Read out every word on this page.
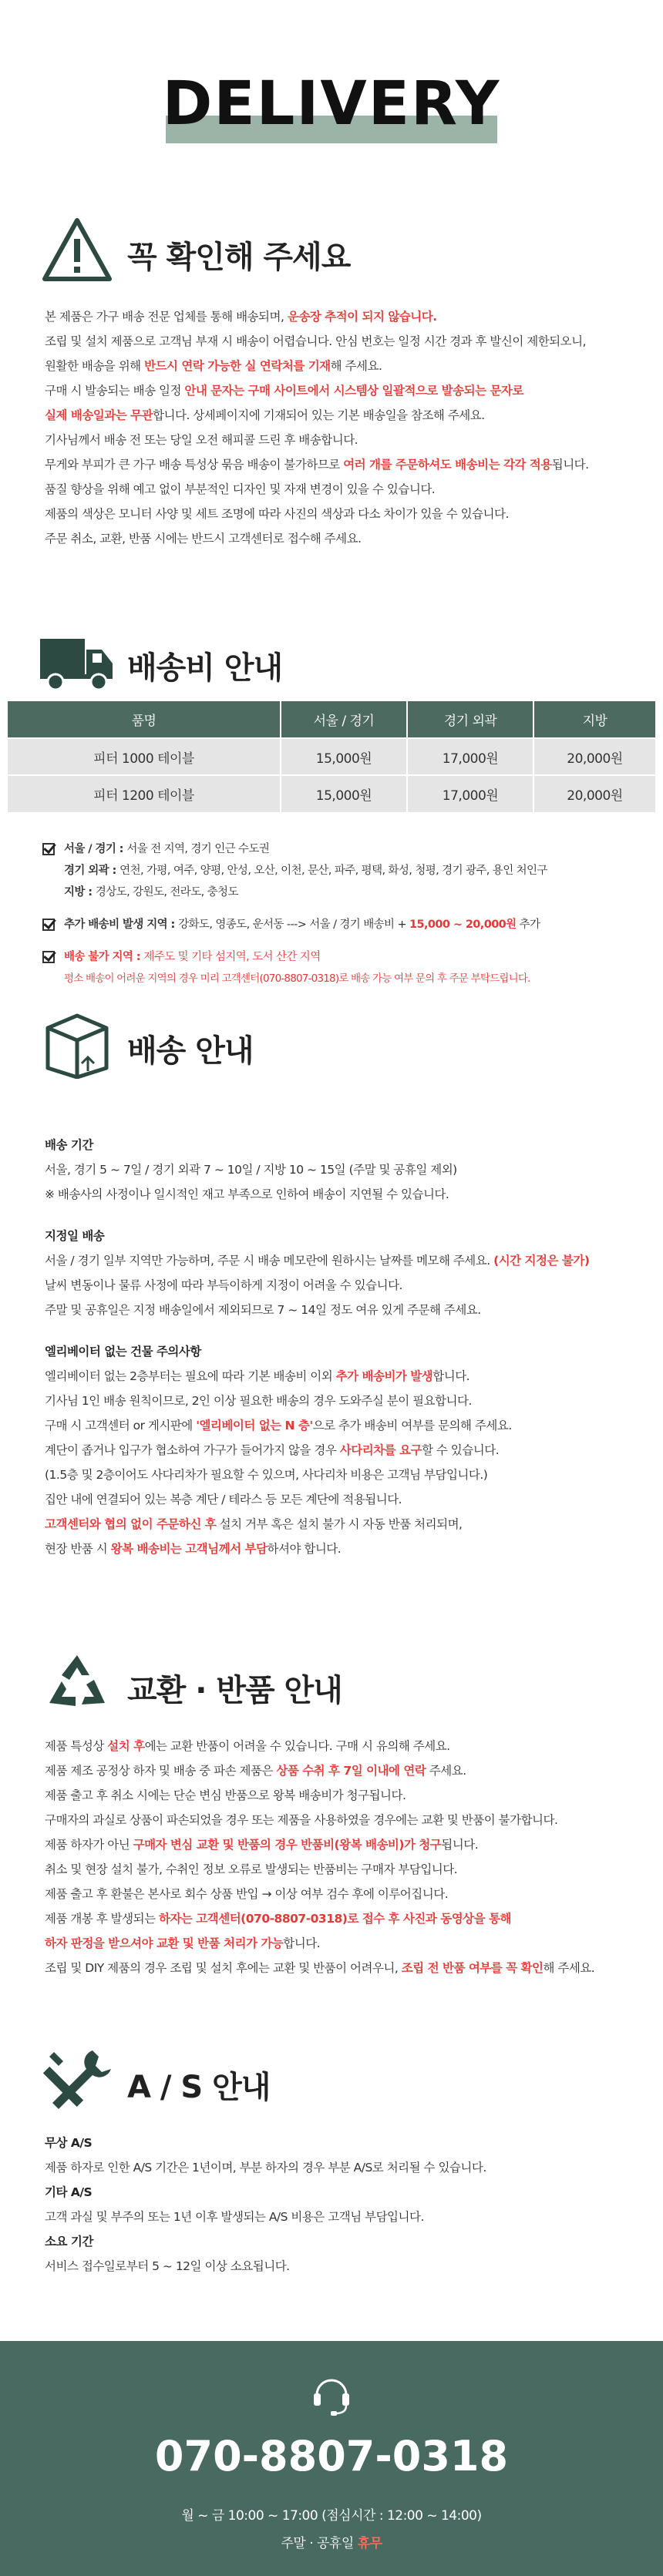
DELIVERY
꼭 확인해 주세요

본 제품은 가구 배송 전문 업체를 통해 배송되며, 운송장 추적이 되지 않습니다.

조립 및 설치 제품으로 고객님 부재 시 배송이 어렵습니다. 안심 번호는 일정 시간 경과 후 발신이 제한되오니,

원활한 배송을 위해 반드시 연락 가능한 실 연락처를 기재해 주세요.

구매 시 발송되는 배송 일정 안내 문자는 구매 사이트에서 시스템상 일괄적으로 발송되는 문자로

실제 배송일과는 무관합니다. 상세페이지에 기재되어 있는 기본 배송일을 참조해 주세요.

기사님께서 배송 전 또는 당일 오전 해피콜 드린 후 배송합니다.

무게와 부피가 큰 가구 배송 특성상 묶음 배송이 불가하므로 여러 개를 주문하셔도 배송비는 각각 적용됩니다.

품질 향상을 위해 예고 없이 부분적인 디자인 및 자재 변경이 있을 수 있습니다.

제품의 색상은 모니터 사양 및 세트 조명에 따라 사진의 색상과 다소 차이가 있을 수 있습니다.

주문 취소, 교환, 반품 시에는 반드시 고객센터로 접수해 주세요.

배송비 안내
품명	서울 / 경기	경기 외곽	지방
피터 1000 테이블	15,000원	17,000원	20,000원
피터 1200 테이블	15,000원	17,000원	20,000원
서울 / 경기 : 서울 전 지역, 경기 인근 수도권
경기 외곽 : 연천, 가평, 여주, 양평, 안성, 오산, 이천, 문산, 파주, 평택, 화성, 청평, 경기 광주, 용인 처인구
지방 : 경상도, 강원도, 전라도, 충청도
추가 배송비 발생 지역 : 강화도, 영종도, 운서동 ---> 서울 / 경기 배송비 + 15,000 ~ 20,000원 추가
배송 불가 지역 : 제주도 및 기타 섬지역, 도서 산간 지역
평소 배송이 어려운 지역의 경우 미리 고객센터(070-8807-0318)로 배송 가능 여부 문의 후 주문 부탁드립니다.
배송 안내

배송 기간

서울, 경기 5 ~ 7일 / 경기 외곽 7 ~ 10일 / 지방 10 ~ 15일 (주말 및 공휴일 제외)

※ 배송사의 사정이나 일시적인 재고 부족으로 인하여 배송이 지연될 수 있습니다.

지정일 배송

서울 / 경기 일부 지역만 가능하며, 주문 시 배송 메모란에 원하시는 날짜를 메모해 주세요. (시간 지정은 불가)

날씨 변동이나 물류 사정에 따라 부득이하게 지정이 어려울 수 있습니다.

주말 및 공휴일은 지정 배송일에서 제외되므로 7 ~ 14일 정도 여유 있게 주문해 주세요.

엘리베이터 없는 건물 주의사항

엘리베이터 없는 2층부터는 필요에 따라 기본 배송비 이외 추가 배송비가 발생합니다.

기사님 1인 배송 원칙이므로, 2인 이상 필요한 배송의 경우 도와주실 분이 필요합니다.

구매 시 고객센터 or 게시판에 '엘리베이터 없는 N 층'으로 추가 배송비 여부를 문의해 주세요.

계단이 좁거나 입구가 협소하여 가구가 들어가지 않을 경우 사다리차를 요구할 수 있습니다.

(1.5층 및 2층이어도 사다리차가 필요할 수 있으며, 사다리차 비용은 고객님 부담입니다.)

집안 내에 연결되어 있는 복층 계단 / 테라스 등 모든 계단에 적용됩니다.

고객센터와 협의 없이 주문하신 후 설치 거부 혹은 설치 불가 시 자동 반품 처리되며,

현장 반품 시 왕복 배송비는 고객님께서 부담하셔야 합니다.

교환 · 반품 안내

제품 특성상 설치 후에는 교환 반품이 어려울 수 있습니다. 구매 시 유의해 주세요.

제품 제조 공정상 하자 및 배송 중 파손 제품은 상품 수취 후 7일 이내에 연락 주세요.

제품 출고 후 취소 시에는 단순 변심 반품으로 왕복 배송비가 청구됩니다.

구매자의 과실로 상품이 파손되었을 경우 또는 제품을 사용하였을 경우에는 교환 및 반품이 불가합니다.

제품 하자가 아닌 구매자 변심 교환 및 반품의 경우 반품비(왕복 배송비)가 청구됩니다.

취소 및 현장 설치 불가, 수취인 정보 오류로 발생되는 반품비는 구매자 부담입니다.

제품 출고 후 환불은 본사로 회수 상품 반입 → 이상 여부 검수 후에 이루어집니다.

제품 개봉 후 발생되는 하자는 고객센터(070-8807-0318)로 접수 후 사진과 동영상을 통해

하자 판정을 받으셔야 교환 및 반품 처리가 가능합니다.

조립 및 DIY 제품의 경우 조립 및 설치 후에는 교환 및 반품이 어려우니, 조립 전 반품 여부를 꼭 확인해 주세요.

A / S 안내

무상 A/S

제품 하자로 인한 A/S 기간은 1년이며, 부분 하자의 경우 부분 A/S로 처리될 수 있습니다.

기타 A/S

고객 과실 및 부주의 또는 1년 이후 발생되는 A/S 비용은 고객님 부담입니다.

소요 기간

서비스 접수일로부터 5 ~ 12일 이상 소요됩니다.

070-8807-0318
월 ~ 금 10:00 ~ 17:00 (점심시간 : 12:00 ~ 14:00)
주말 · 공휴일 휴무
